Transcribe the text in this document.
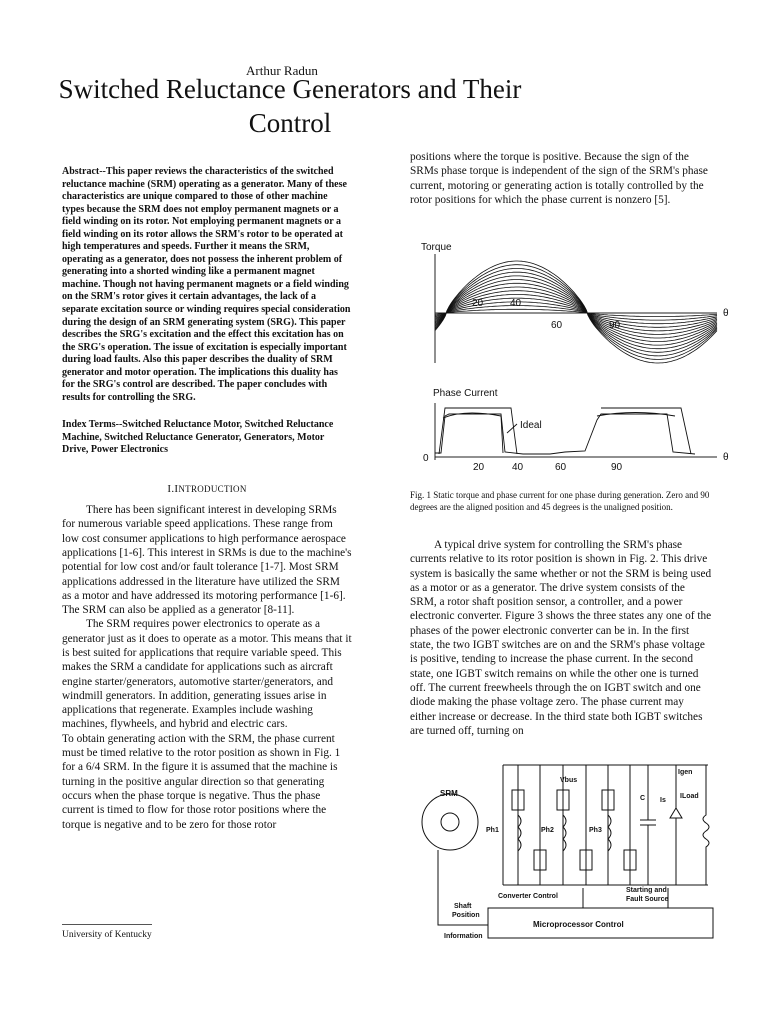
Arthur Radun
Switched Reluctance Generators and Their Control

Abstract--This paper reviews the characteristics of the switched reluctance machine (SRM) operating as a generator. Many of these characteristics are unique compared to those of other machine types because the SRM does not employ permanent magnets or a field winding on its rotor. Not employing permanent magnets or a field winding on its rotor allows the SRM's rotor to be operated at high temperatures and speeds. Further it means the SRM, operating as a generator, does not possess the inherent problem of generating into a shorted winding like a permanent magnet machine. Though not having permanent magnets or a field winding on the SRM's rotor gives it certain advantages, the lack of a separate excitation source or winding requires special consideration during the design of an SRM generating system (SRG). This paper describes the SRG's excitation and the effect this excitation has on the SRG's operation. The issue of excitation is especially important during load faults. Also this paper describes the duality of SRM generator and motor operation. The implications this duality has for the SRG's control are described. The paper concludes with results for controlling the SRG.

Index Terms--Switched Reluctance Motor, Switched Reluctance Machine, Switched Reluctance Generator, Generators, Motor Drive, Power Electronics

I.INTRODUCTION

There has been significant interest in developing SRMs for numerous variable speed applications. These range from low cost consumer applications to high performance aerospace applications [1-6]. This interest in SRMs is due to the machine's potential for low cost and/or fault tolerance [1-7]. Most SRM applications addressed in the literature have utilized the SRM as a motor and have addressed its motoring performance [1-6]. The SRM can also be applied as a generator [8-11].

The SRM requires power electronics to operate as a generator just as it does to operate as a motor. This means that it is best suited for applications that require variable speed. This makes the SRM a candidate for applications such as aircraft engine starter/generators, automotive starter/generators, and windmill generators. In addition, generating issues arise in applications that regenerate. Examples include washing machines, flywheels, and hybrid and electric cars.

To obtain generating action with the SRM, the phase current must be timed relative to the rotor position as shown in Fig. 1 for a 6/4 SRM. In the figure it is assumed that the machine is turning in the positive angular direction so that generating occurs when the phase torque is negative. Thus the phase current is timed to flow for those rotor positions where the torque is negative and to be zero for those rotor

positions where the torque is positive. Because the sign of the SRMs phase torque is independent of the sign of the SRM's phase current, motoring or generating action is totally controlled by the rotor positions for which the phase current is nonzero [5].

Torque
20	40
60	90
θ
Phase Current
Ideal
0
20	40	60	90
θ
Fig. 1 Static torque and phase current for one phase during generation. Zero and 90 degrees are the aligned position and 45 degrees is the unaligned position.

A typical drive system for controlling the SRM's phase currents relative to its rotor position is shown in Fig. 2. This drive system is basically the same whether or not the SRM is being used as a motor or as a generator. The drive system consists of the SRM, a rotor shaft position sensor, a controller, and a power electronic converter. Figure 3 shows the three states any one of the phases of the power electronic converter can be in. In the first state, the two IGBT switches are on and the SRM's phase voltage is positive, tending to increase the phase current. In the second state, one IGBT switch remains on while the other one is turned off. The current freewheels through the on IGBT switch and one diode making the phase voltage zero. The phase current may either increase or decrease. In the third state both IGBT switches are turned off, turning on

SRM
Ph1	Ph2	Ph3
Vbus
C
Igen
Is
ILoad
Converter Control
Starting and
Fault Source
Shaft
Position
Information
Microprocessor Control
University of Kentucky
